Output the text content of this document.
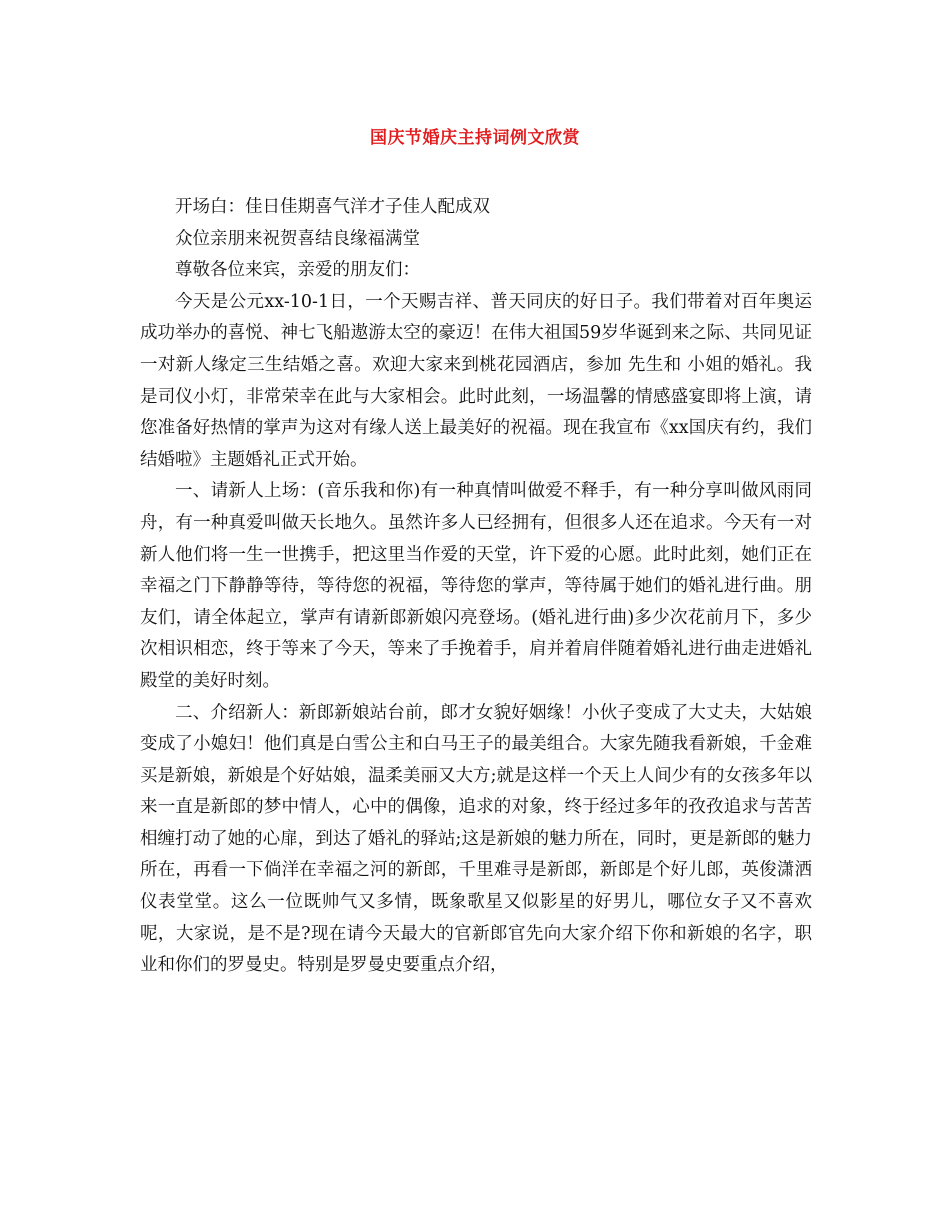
国庆节婚庆主持词例文欣赏

开场白：佳日佳期喜气洋才子佳人配成双

众位亲朋来祝贺喜结良缘福满堂

尊敬各位来宾，亲爱的朋友们：

今天是公元xx-10-1日，一个天赐吉祥、普天同庆的好日子。我们带着对百年奥运成功举办的喜悦、神七飞船遨游太空的豪迈！在伟大祖国59岁华诞到来之际、共同见证一对新人缘定三生结婚之喜。欢迎大家来到桃花园酒店，参加 先生和 小姐的婚礼。我是司仪小灯，非常荣幸在此与大家相会。此时此刻，一场温馨的情感盛宴即将上演，请您准备好热情的掌声为这对有缘人送上最美好的祝福。现在我宣布《xx国庆有约，我们结婚啦》主题婚礼正式开始。

一、请新人上场：(音乐我和你)有一种真情叫做爱不释手，有一种分享叫做风雨同舟，有一种真爱叫做天长地久。虽然许多人已经拥有，但很多人还在追求。今天有一对新人他们将一生一世携手，把这里当作爱的天堂，许下爱的心愿。此时此刻，她们正在幸福之门下静静等待，等待您的祝福，等待您的掌声，等待属于她们的婚礼进行曲。朋友们，请全体起立，掌声有请新郎新娘闪亮登场。(婚礼进行曲)多少次花前月下，多少次相识相恋，终于等来了今天，等来了手挽着手，肩并着肩伴随着婚礼进行曲走进婚礼殿堂的美好时刻。

二、介绍新人：新郎新娘站台前，郎才女貌好姻缘！小伙子变成了大丈夫，大姑娘变成了小媳妇！他们真是白雪公主和白马王子的最美组合。大家先随我看新娘，千金难买是新娘，新娘是个好姑娘，温柔美丽又大方;就是这样一个天上人间少有的女孩多年以来一直是新郎的梦中情人，心中的偶像，追求的对象，终于经过多年的孜孜追求与苦苦相缠打动了她的心扉，到达了婚礼的驿站;这是新娘的魅力所在，同时，更是新郎的魅力所在，再看一下倘洋在幸福之河的新郎，千里难寻是新郎，新郎是个好儿郎，英俊潇洒仪表堂堂。这么一位既帅气又多情，既象歌星又似影星的好男儿，哪位女子又不喜欢呢，大家说，是不是?现在请今天最大的官新郎官先向大家介绍下你和新娘的名字，职业和你们的罗曼史。特别是罗曼史要重点介绍，
